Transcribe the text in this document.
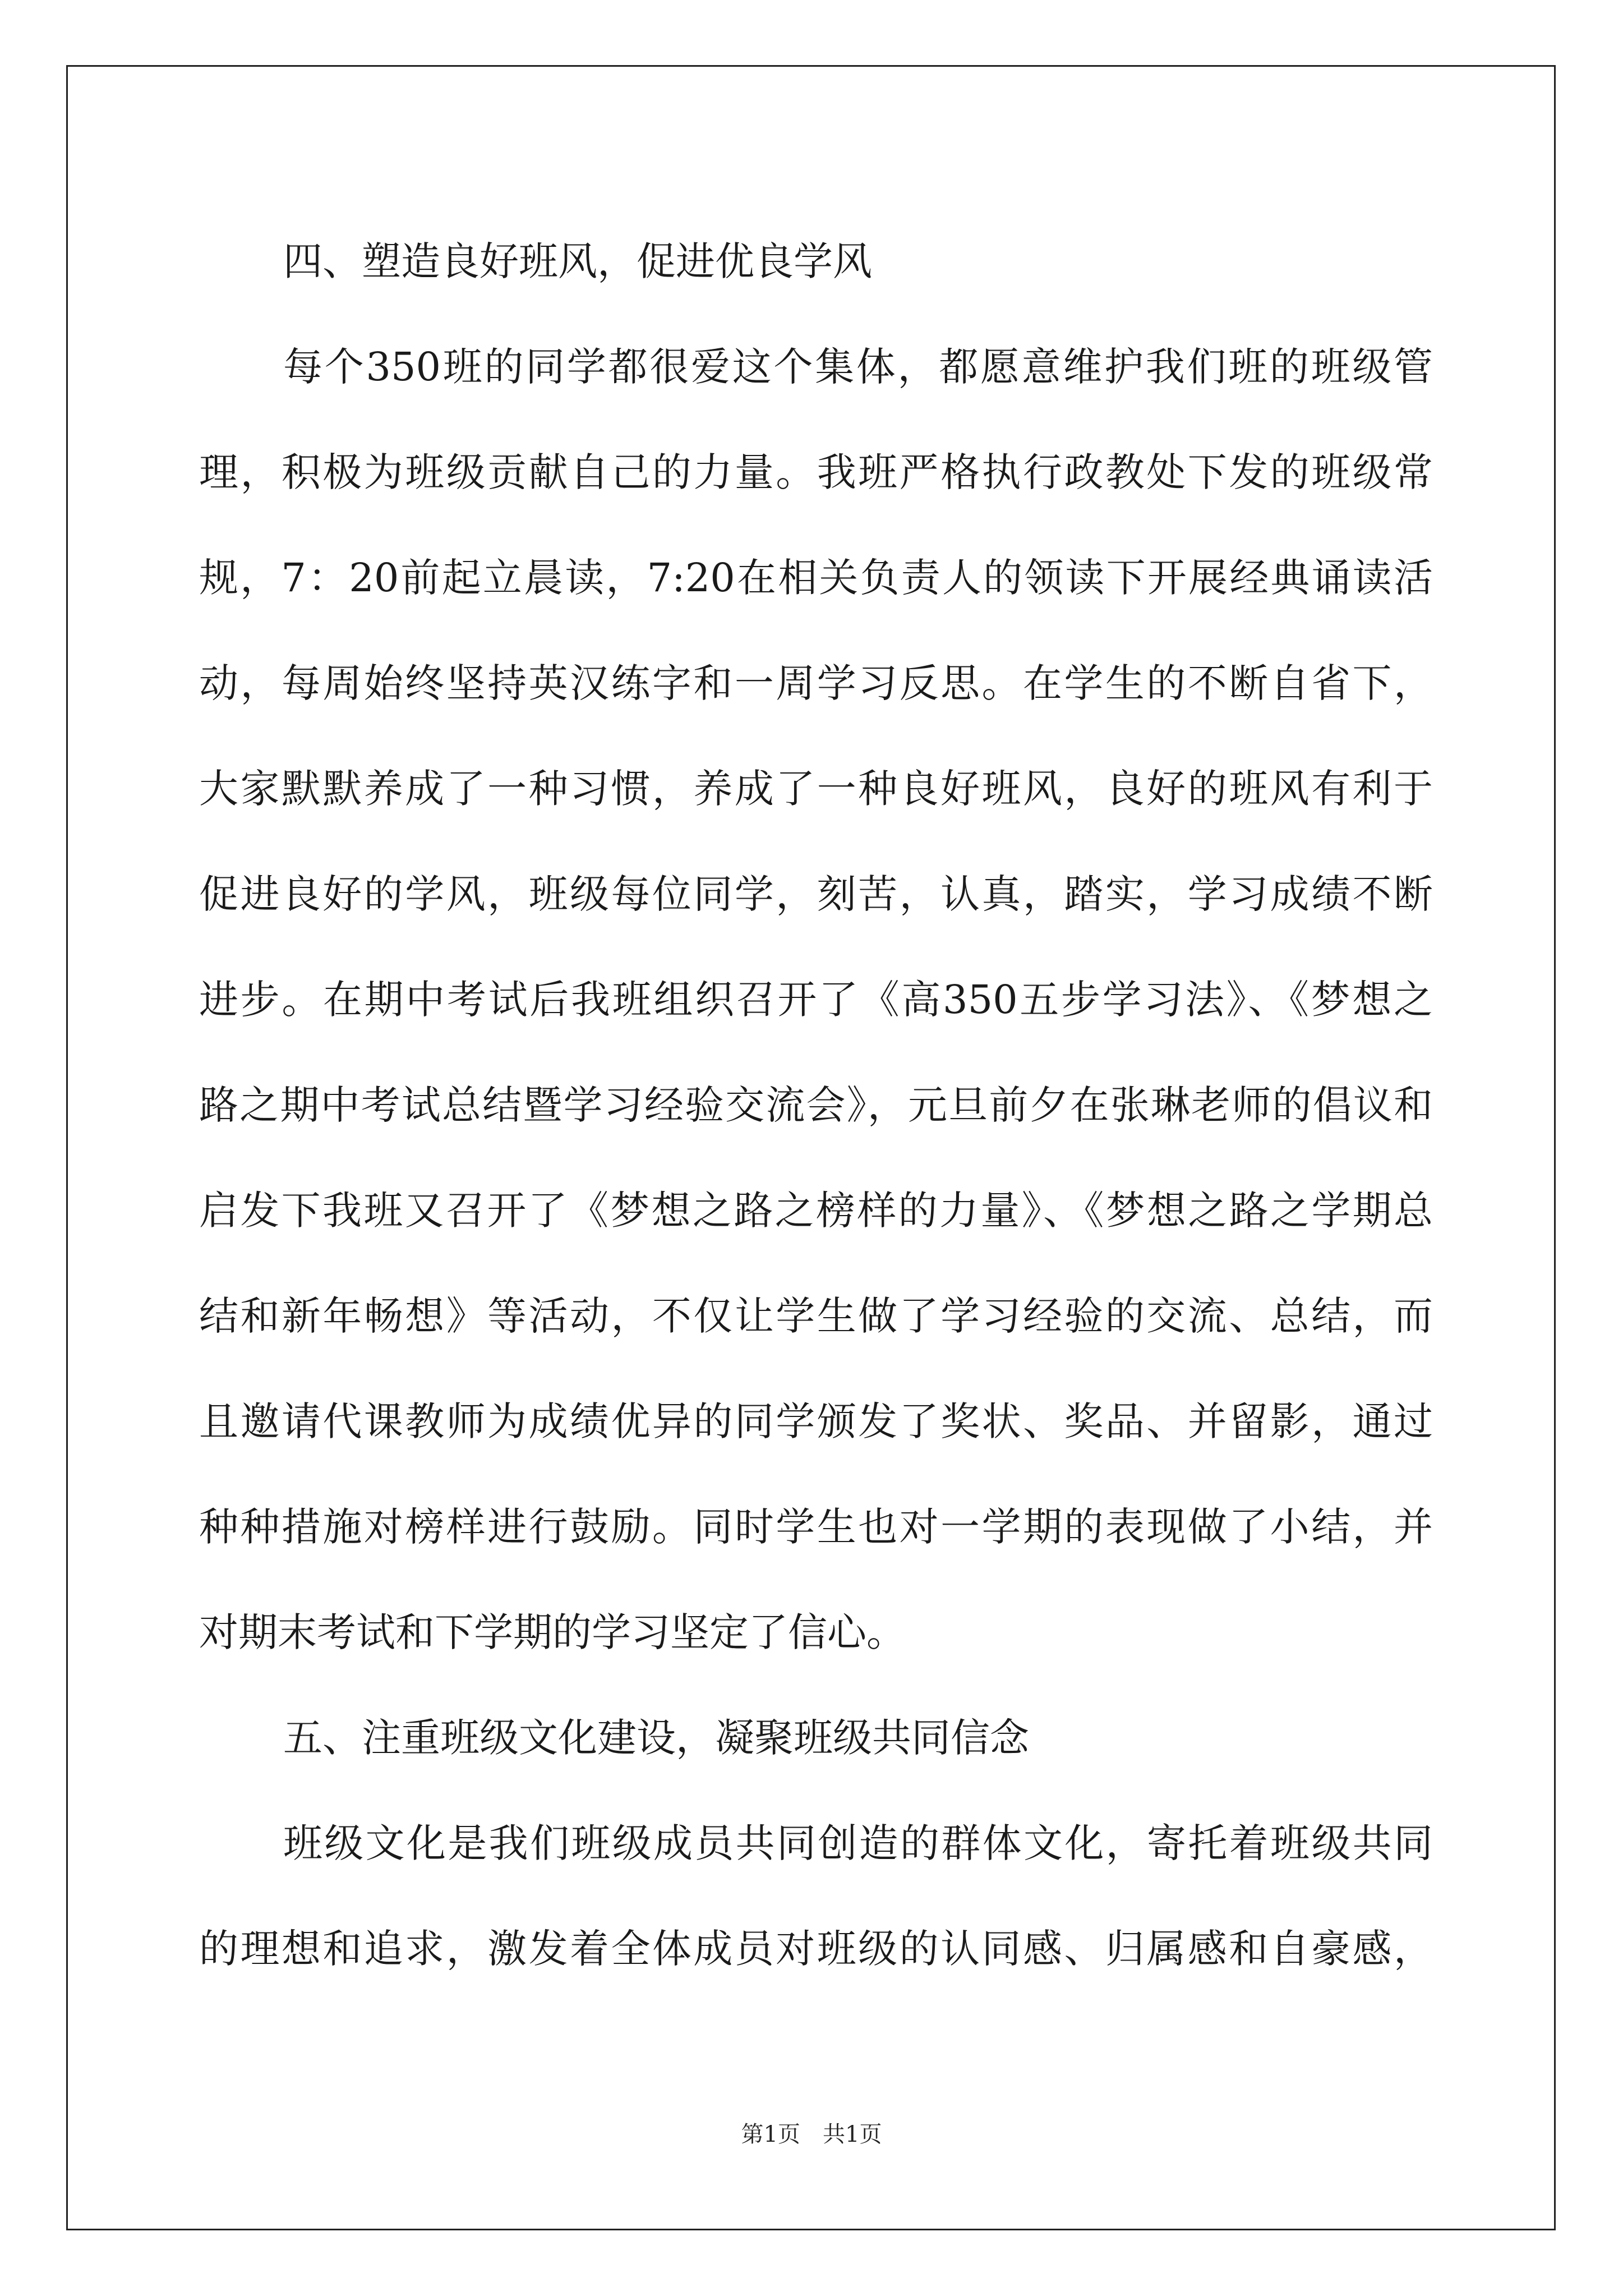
四、塑造良好班风，促进优良学风
每个350班的同学都很爱这个集体，都愿意维护我们班的班级管
理，积极为班级贡献自己的力量。我班严格执行政教处下发的班级常
规，7：20前起立晨读，7:20在相关负责人的领读下开展经典诵读活
动，每周始终坚持英汉练字和一周学习反思。在学生的不断自省下，
大家默默养成了一种习惯，养成了一种良好班风，良好的班风有利于
促进良好的学风，班级每位同学，刻苦，认真，踏实，学习成绩不断
进步。在期中考试后我班组织召开了《高350五步学习法》、《梦想之
路之期中考试总结暨学习经验交流会》，元旦前夕在张琳老师的倡议和
启发下我班又召开了《梦想之路之榜样的力量》、《梦想之路之学期总
结和新年畅想》等活动，不仅让学生做了学习经验的交流、总结，而
且邀请代课教师为成绩优异的同学颁发了奖状、奖品、并留影，通过
种种措施对榜样进行鼓励。同时学生也对一学期的表现做了小结，并
对期末考试和下学期的学习坚定了信心。
五、注重班级文化建设，凝聚班级共同信念
班级文化是我们班级成员共同创造的群体文化，寄托着班级共同
的理想和追求，激发着全体成员对班级的认同感、归属感和自豪感，
第1页　共1页
